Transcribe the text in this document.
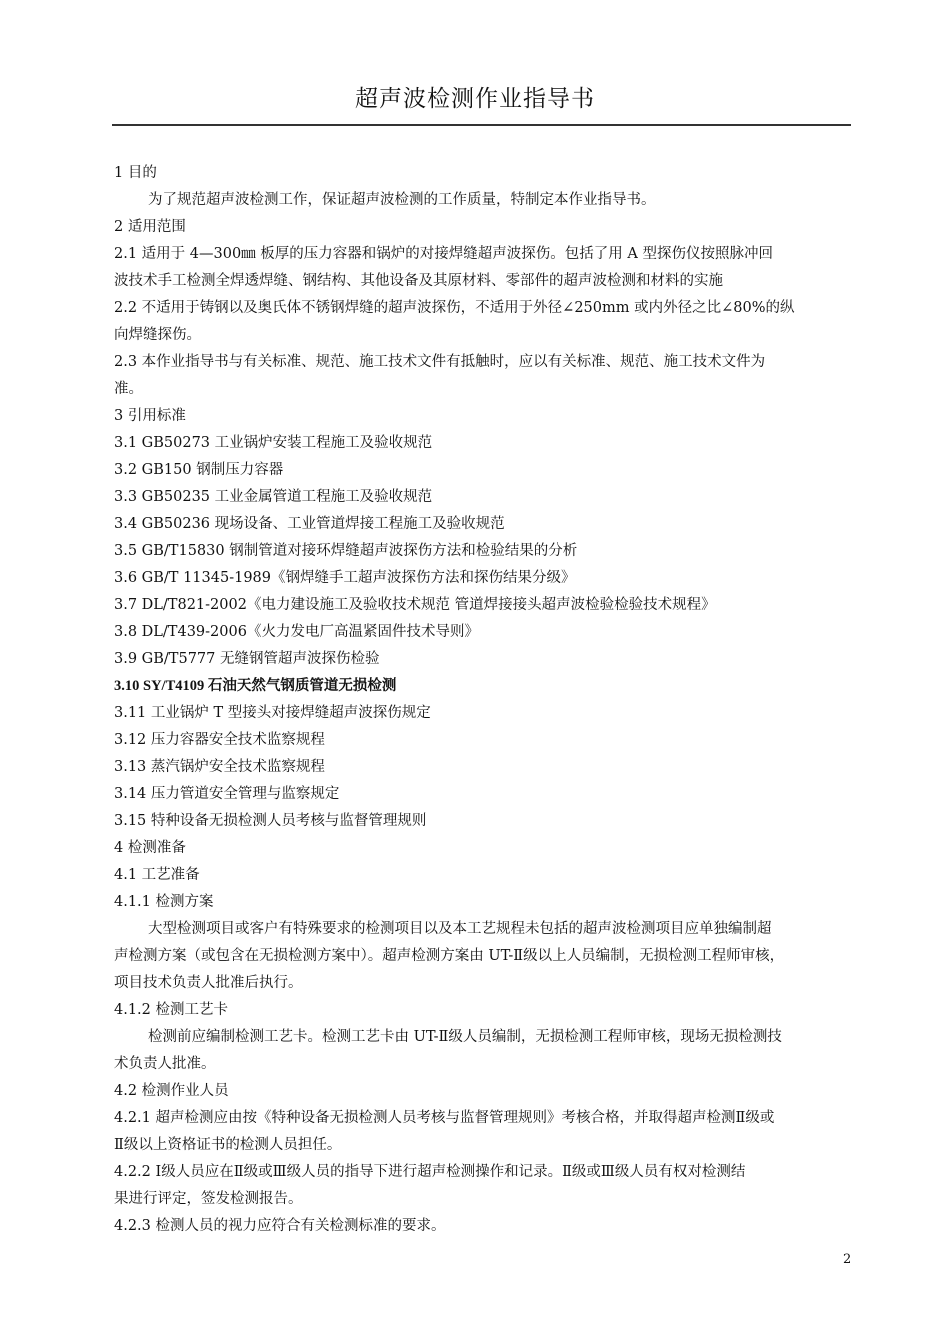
超声波检测作业指导书
1 目的
为了规范超声波检测工作，保证超声波检测的工作质量，特制定本作业指导书。
2 适用范围
2.1 适用于 4—300㎜ 板厚的压力容器和锅炉的对接焊缝超声波探伤。包括了用 A 型探伤仪按照脉冲回
波技术手工检测全焊透焊缝、钢结构、其他设备及其原材料、零部件的超声波检测和材料的实施
2.2 不适用于铸钢以及奥氏体不锈钢焊缝的超声波探伤，不适用于外径∠250mm 或内外径之比∠80%的纵
向焊缝探伤。
2.3 本作业指导书与有关标准、规范、施工技术文件有抵触时，应以有关标准、规范、施工技术文件为
准。
3 引用标准
3.1 GB50273 工业锅炉安装工程施工及验收规范
3.2 GB150 钢制压力容器
3.3 GB50235 工业金属管道工程施工及验收规范
3.4 GB50236 现场设备、工业管道焊接工程施工及验收规范
3.5 GB/T15830 钢制管道对接环焊缝超声波探伤方法和检验结果的分析
3.6 GB/T 11345-1989《钢焊缝手工超声波探伤方法和探伤结果分级》
3.7 DL/T821-2002《电力建设施工及验收技术规范 管道焊接接头超声波检验检验技术规程》
3.8 DL/T439-2006《火力发电厂高温紧固件技术导则》
3.9 GB/T5777 无缝钢管超声波探伤检验
3.10 SY/T4109 石油天然气钢质管道无损检测
3.11 工业锅炉 T 型接头对接焊缝超声波探伤规定
3.12 压力容器安全技术监察规程
3.13 蒸汽锅炉安全技术监察规程
3.14 压力管道安全管理与监察规定
3.15 特种设备无损检测人员考核与监督管理规则
4 检测准备
4.1 工艺准备
4.1.1 检测方案
大型检测项目或客户有特殊要求的检测项目以及本工艺规程未包括的超声波检测项目应单独编制超
声检测方案（或包含在无损检测方案中）。超声检测方案由 UT-Ⅱ级以上人员编制，无损检测工程师审核，
项目技术负责人批准后执行。
4.1.2 检测工艺卡
检测前应编制检测工艺卡。检测工艺卡由 UT-Ⅱ级人员编制，无损检测工程师审核，现场无损检测技
术负责人批准。
4.2 检测作业人员
4.2.1 超声检测应由按《特种设备无损检测人员考核与监督管理规则》考核合格，并取得超声检测Ⅱ级或
Ⅱ级以上资格证书的检测人员担任。
4.2.2 Ⅰ级人员应在Ⅱ级或Ⅲ级人员的指导下进行超声检测操作和记录。Ⅱ级或Ⅲ级人员有权对检测结
果进行评定，签发检测报告。
4.2.3 检测人员的视力应符合有关检测标准的要求。
2
